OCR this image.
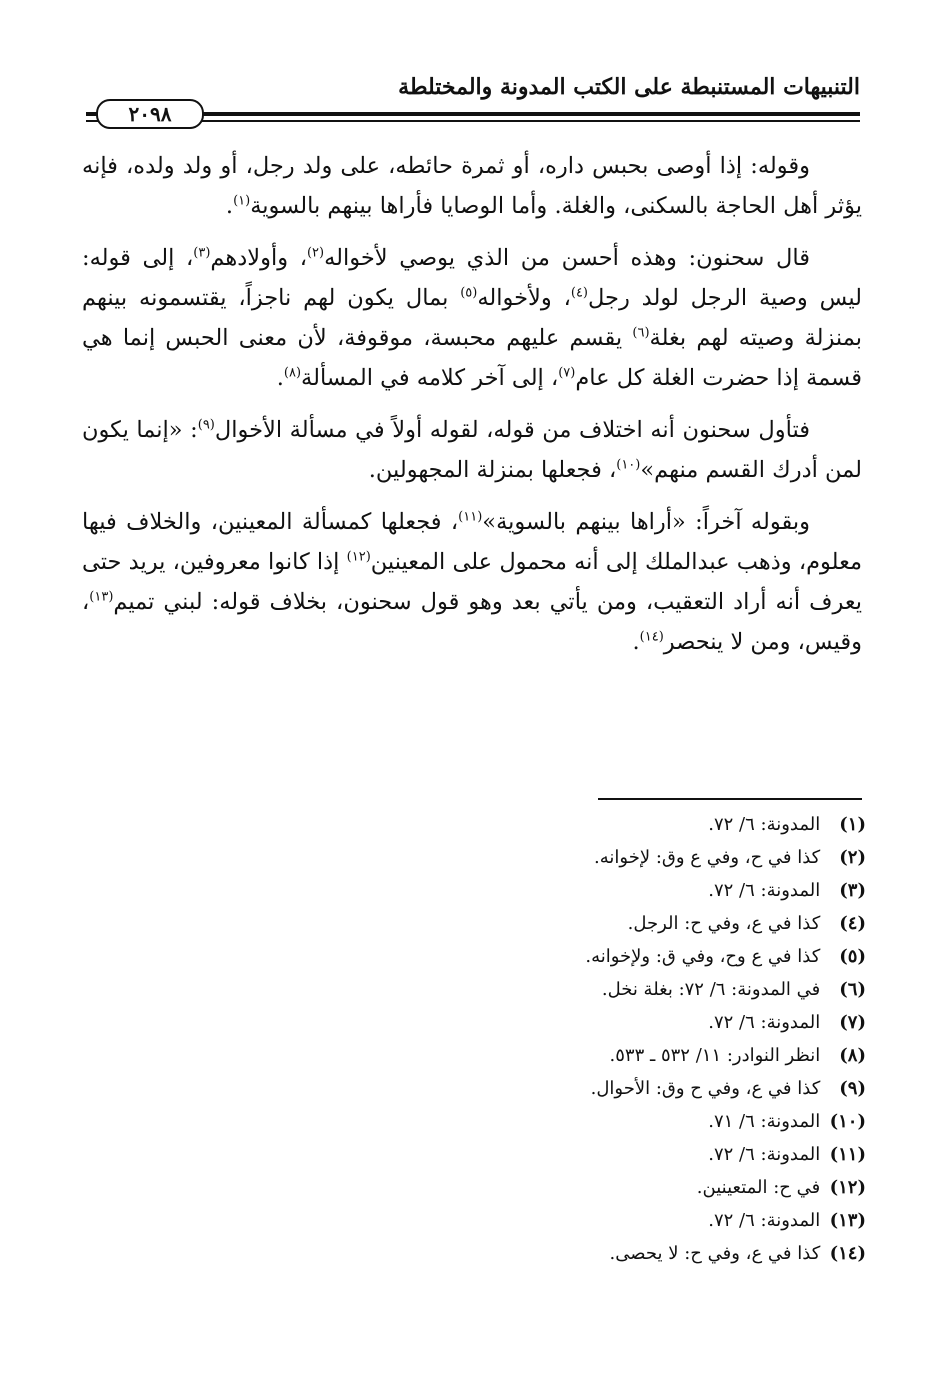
التنبيهات المستنبطة على الكتب المدونة والمختلطة
٢٠٩٨

وقوله: إذا أوصى بحبس داره، أو ثمرة حائطه، على ولد رجل، أو ولد ولده، فإنه يؤثر أهل الحاجة بالسكنى، والغلة. وأما الوصايا فأراها بينهم بالسوية$^{(١)}$.

قال سحنون: وهذه أحسن من الذي يوصي لأخواله$^{(٢)}$، وأولادهم$^{(٣)}$، إلى قوله: ليس وصية الرجل لولد رجل$^{(٤)}$، ولأخواله$^{(٥)}$ بمال يكون لهم ناجزاً، يقتسمونه بينهم بمنزلة وصيته لهم بغلة$^{(٦)}$ يقسم عليهم محبسة، موقوفة، لأن معنى الحبس إنما هي قسمة إذا حضرت الغلة كل عام$^{(٧)}$، إلى آخر كلامه في المسألة$^{(٨)}$.

فتأول سحنون أنه اختلاف من قوله، لقوله أولاً في مسألة الأخوال$^{(٩)}$: «إنما يكون لمن أدرك القسم منهم»$^{(١٠)}$، فجعلها بمنزلة المجهولين.

وبقوله آخراً: «أراها بينهم بالسوية»$^{(١١)}$، فجعلها كمسألة المعينين، والخلاف فيها معلوم، وذهب عبدالملك إلى أنه محمول على المعينين$^{(١٢)}$ إذا كانوا معروفين، يريد حتى يعرف أنه أراد التعقيب، ومن يأتي بعد وهو قول سحنون، بخلاف قوله: لبني تميم$^{(١٣)}$، وقيس، ومن لا ينحصر$^{(١٤)}$.

(١) المدونة: ٦/ ٧٢.
(٢) كذا في ح، وفي ع وق: لإخوانه.
(٣) المدونة: ٦/ ٧٢.
(٤) كذا في ع، وفي ح: الرجل.
(٥) كذا في ع وح، وفي ق: ولإخوانه.
(٦) في المدونة: ٦/ ٧٢: بغلة نخل.
(٧) المدونة: ٦/ ٧٢.
(٨) انظر النوادر: ١١/ ٥٣٢ ـ ٥٣٣.
(٩) كذا في ع، وفي ح وق: الأحوال.
(١٠) المدونة: ٦/ ٧١.
(١١) المدونة: ٦/ ٧٢.
(١٢) في ح: المتعينين.
(١٣) المدونة: ٦/ ٧٢.
(١٤) كذا في ع، وفي ح: لا يحصى.
